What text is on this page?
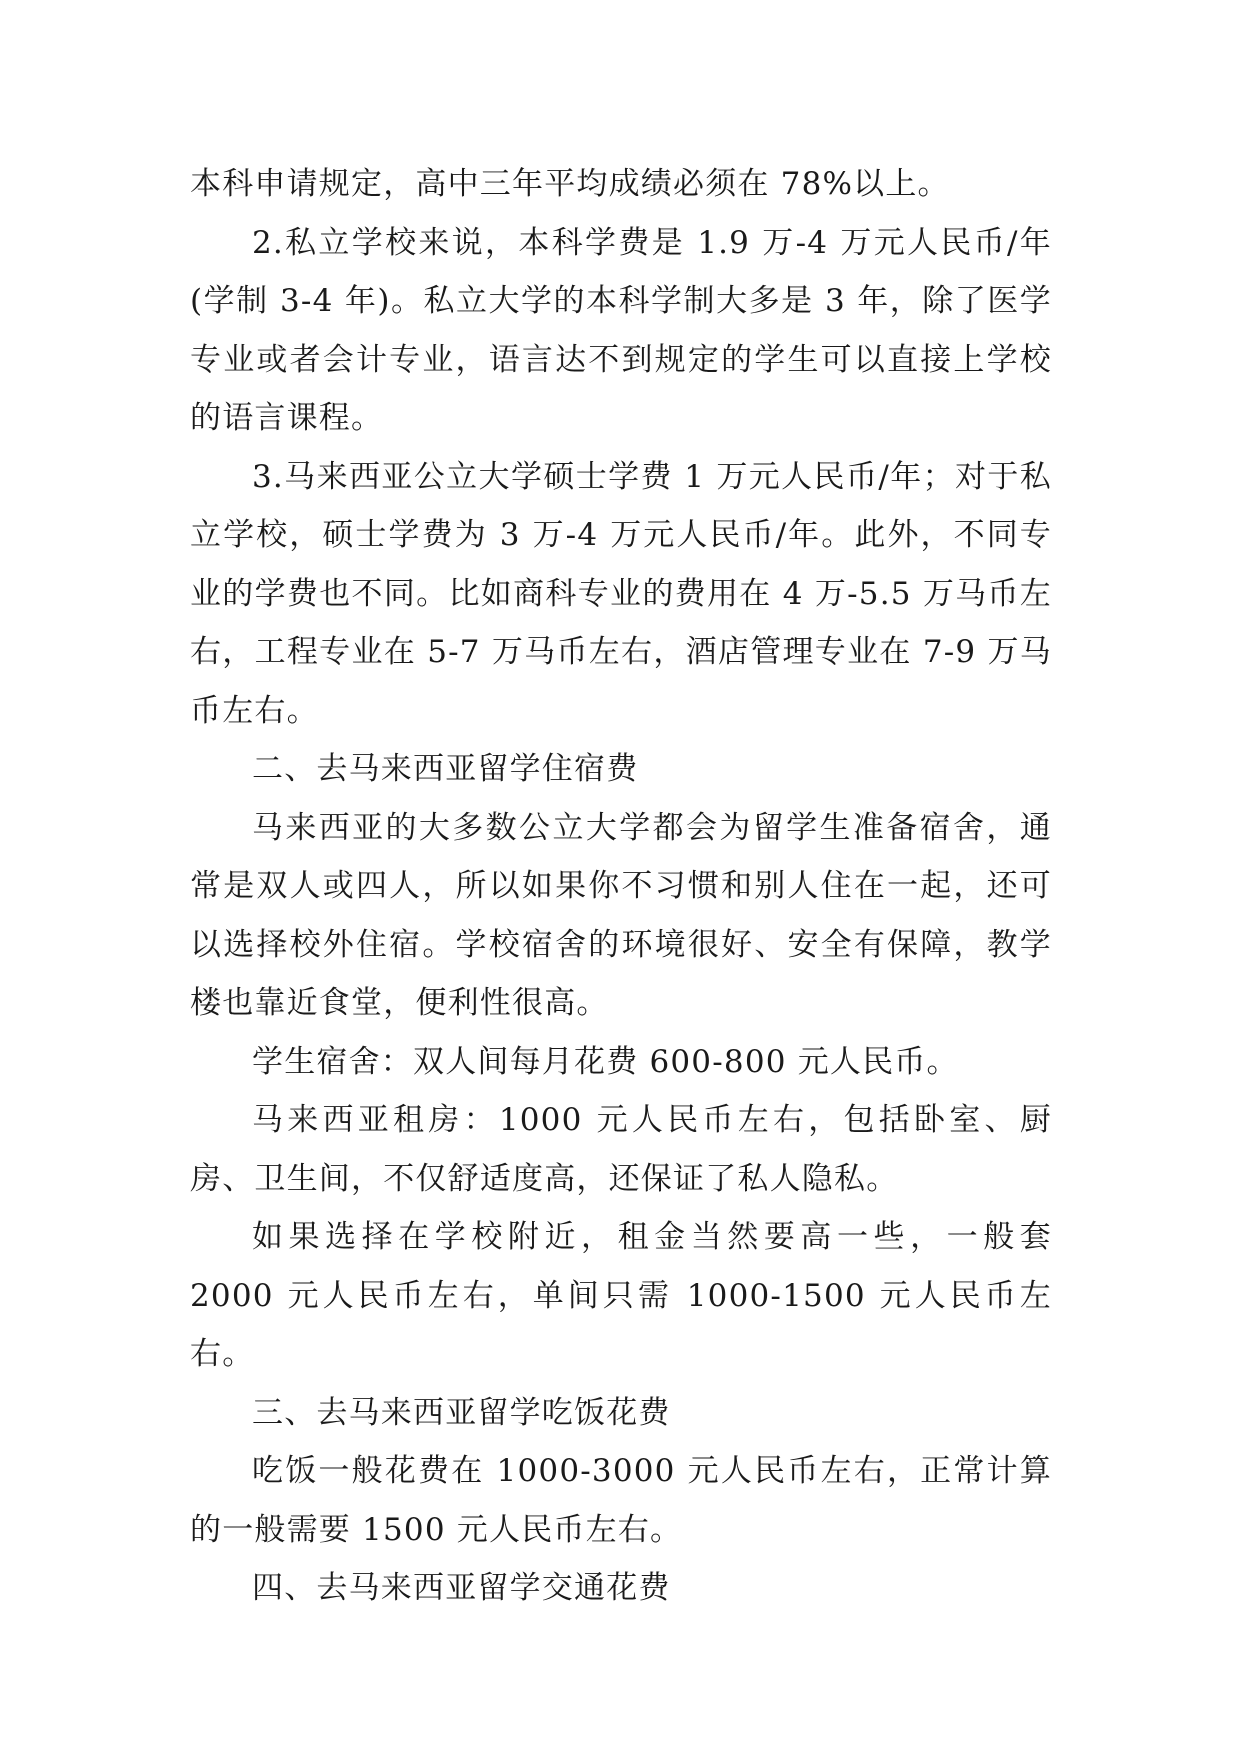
本科申请规定，高中三年平均成绩必须在 78%以上。

2.私立学校来说，本科学费是 1.9 万-4 万元人民币/年(学制 3-4 年)。私立大学的本科学制大多是 3 年，除了医学专业或者会计专业，语言达不到规定的学生可以直接上学校的语言课程。

3.马来西亚公立大学硕士学费 1 万元人民币/年；对于私立学校，硕士学费为 3 万-4 万元人民币/年。此外，不同专业的学费也不同。比如商科专业的费用在 4 万-5.5 万马币左右，工程专业在 5-7 万马币左右，酒店管理专业在 7-9 万马币左右。

二、去马来西亚留学住宿费

马来西亚的大多数公立大学都会为留学生准备宿舍，通常是双人或四人，所以如果你不习惯和别人住在一起，还可以选择校外住宿。学校宿舍的环境很好、安全有保障，教学楼也靠近食堂，便利性很高。

学生宿舍：双人间每月花费 600-800 元人民币。

马来西亚租房：1000 元人民币左右，包括卧室、厨房、卫生间，不仅舒适度高，还保证了私人隐私。

如果选择在学校附近，租金当然要高一些，一般套 2000 元人民币左右，单间只需 1000-1500 元人民币左右。

三、去马来西亚留学吃饭花费

吃饭一般花费在 1000-3000 元人民币左右，正常计算的一般需要 1500 元人民币左右。

四、去马来西亚留学交通花费
